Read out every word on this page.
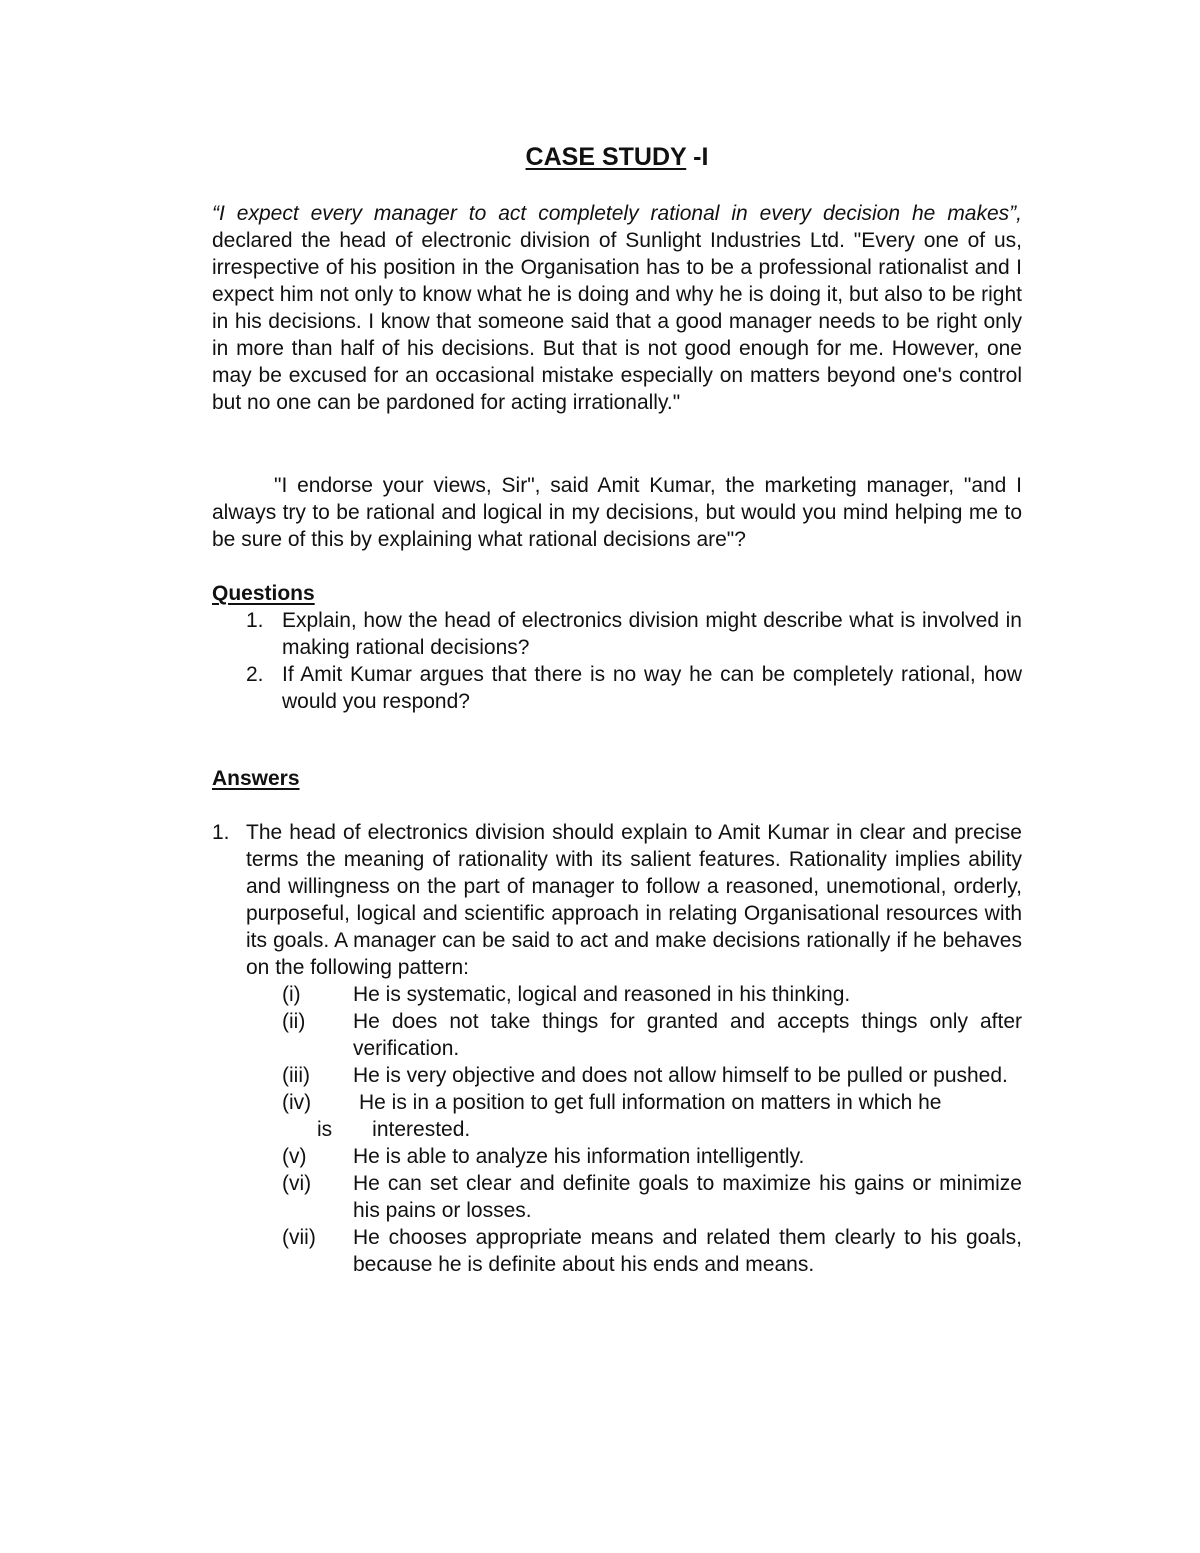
CASE STUDY -I
“I expect every manager to act completely rational in every decision he makes”, declared the head of electronic division of Sunlight Industries Ltd. "Every one of us, irrespective of his position in the Organisation has to be a professional rationalist and I expect him not only to know what he is doing and why he is doing it, but also to be right in his decisions. I know that someone said that a good manager needs to be right only in more than half of his decisions. But that is not good enough for me. However, one may be excused for an occasional mistake especially on matters beyond one's control but no one can be pardoned for acting irrationally."
"I endorse your views, Sir", said Amit Kumar, the marketing manager, "and I always try to be rational and logical in my decisions, but would you mind helping me to be sure of this by explaining what rational decisions are"?
Questions
1. Explain, how the head of electronics division might describe what is involved in making rational decisions?
2. If Amit Kumar argues that there is no way he can be completely rational, how would you respond?
Answers
1. The head of electronics division should explain to Amit Kumar in clear and precise terms the meaning of rationality with its salient features. Rationality implies ability and willingness on the part of manager to follow a reasoned, unemotional, orderly, purposeful, logical and scientific approach in relating Organisational resources with its goals. A manager can be said to act and make decisions rationally if he behaves on the following pattern:
(i) He is systematic, logical and reasoned in his thinking.
(ii) He does not take things for granted and accepts things only after verification.
(iii) He is very objective and does not allow himself to be pulled or pushed.
(iv) He is in a position to get full information on matters in which he
is interested.
(v) He is able to analyze his information intelligently.
(vi) He can set clear and definite goals to maximize his gains or minimize his pains or losses.
(vii) He chooses appropriate means and related them clearly to his goals, because he is definite about his ends and means.
